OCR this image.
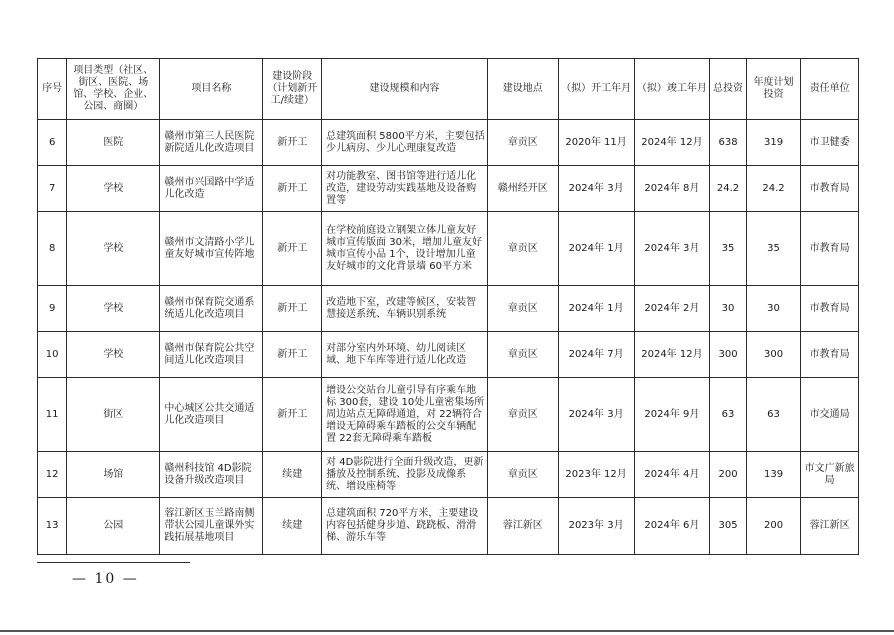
序号	项目类型（社区、街区、医院、场馆、学校、企业、公园、商圈）	项目名称	建设阶段（计划新开工/续建）	建设规模和内容	建设地点	（拟）开工年月	（拟）竣工年月	总投资	年度计划投资	责任单位
6	医院	赣州市第三人民医院新院适儿化改造项目	新开工	总建筑面积 5800平方米，主要包括少儿病房、少儿心理康复改造	章贡区	2020年 11月	2024年 12月	638	319	市卫健委
7	学校	赣州市兴国路中学适儿化改造	新开工	对功能教室、图书馆等进行适儿化改造，建设劳动实践基地及设备购置等	赣州经开区	2024年 3月	2024年 8月	24.2	24.2	市教育局
8	学校	赣州市文清路小学儿童友好城市宣传阵地	新开工	在学校前庭设立钢架立体儿童友好城市宣传版面 30米，增加儿童友好城市宣传小品 1个，设计增加儿童友好城市的文化背景墙 60平方米	章贡区	2024年 1月	2024年 3月	35	35	市教育局
9	学校	赣州市保育院交通系统适儿化改造项目	新开工	改造地下室，改建等候区，安装智慧接送系统、车辆识别系统	章贡区	2024年 1月	2024年 2月	30	30	市教育局
10	学校	赣州市保育院公共空间适儿化改造项目	新开工	对部分室内外环境、幼儿阅读区域、地下车库等进行适儿化改造	章贡区	2024年 7月	2024年 12月	300	300	市教育局
11	街区	中心城区公共交通适儿化改造项目	新开工	增设公交站台儿童引导有序乘车地标 300套，建设 10处儿童密集场所周边站点无障碍通道，对 22辆符合增设无障碍乘车踏板的公交车辆配置 22套无障碍乘车踏板	章贡区	2024年 3月	2024年 9月	63	63	市交通局
12	场馆	赣州科技馆 4D影院设备升级改造项目	续建	对 4D影院进行全面升级改造，更新播放及控制系统、投影及成像系统、增设座椅等	章贡区	2023年 12月	2024年 4月	200	139	市文广新旅局
13	公园	蓉江新区玉兰路南侧带状公园儿童课外实践拓展基地项目	续建	总建筑面积 720平方米，主要建设内容包括健身步道、跷跷板、滑滑梯、游乐车等	蓉江新区	2023年 3月	2024年 6月	305	200	蓉江新区
— 10 —
